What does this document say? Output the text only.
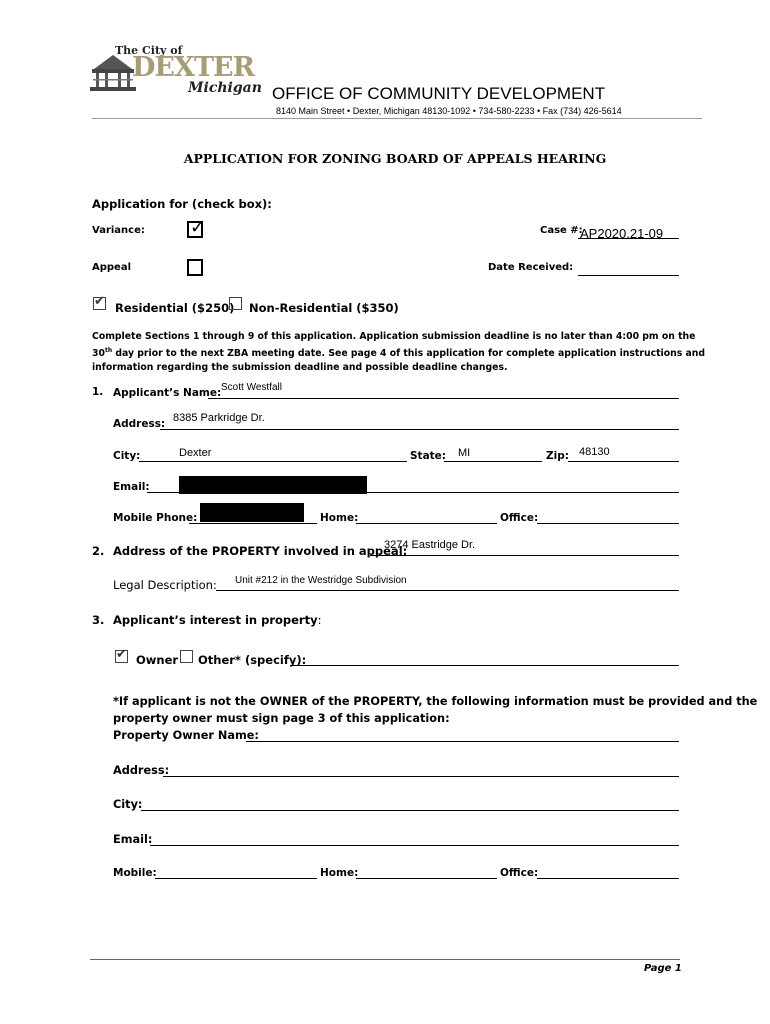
The City of
DEXTER
Michigan OFFICE OF COMMUNITY DEVELOPMENT
8140 Main Street • Dexter, Michigan 48130-1092 • 734-580-2233 • Fax (734) 426-5614
APPLICATION FOR ZONING BOARD OF APPEALS HEARING
Application for (check box):
Variance:	✓
Appeal
Case #:
AP2020.21-09
Date Received:
✔ Residential ($250) Non-Residential ($350)
Complete Sections 1 through 9 of this application. Application submission deadline is no later than 4:00 pm on the
30th day prior to the next ZBA meeting date. See page 4 of this application for complete application instructions and
information regarding the submission deadline and possible deadline changes.
1. Applicant’s Name: Scott Westfall
Address: 8385 Parkridge Dr.
City:	Dexter	State: MI	Zip: 48130
Email:
Mobile Phone:	Home:	Office:
2. Address of the PROPERTY involved in appeal:
3274 Eastridge Dr.
Legal Description: Unit #212 in the Westridge Subdivision
3. Applicant’s interest in property:
✔ Owner Other* (specify):
*If applicant is not the OWNER of the PROPERTY, the following information must be provided and the
property owner must sign page 3 of this application:
Property Owner Name:
Address:
City:
Email:
Mobile:	Home:	Office:
Page 1
